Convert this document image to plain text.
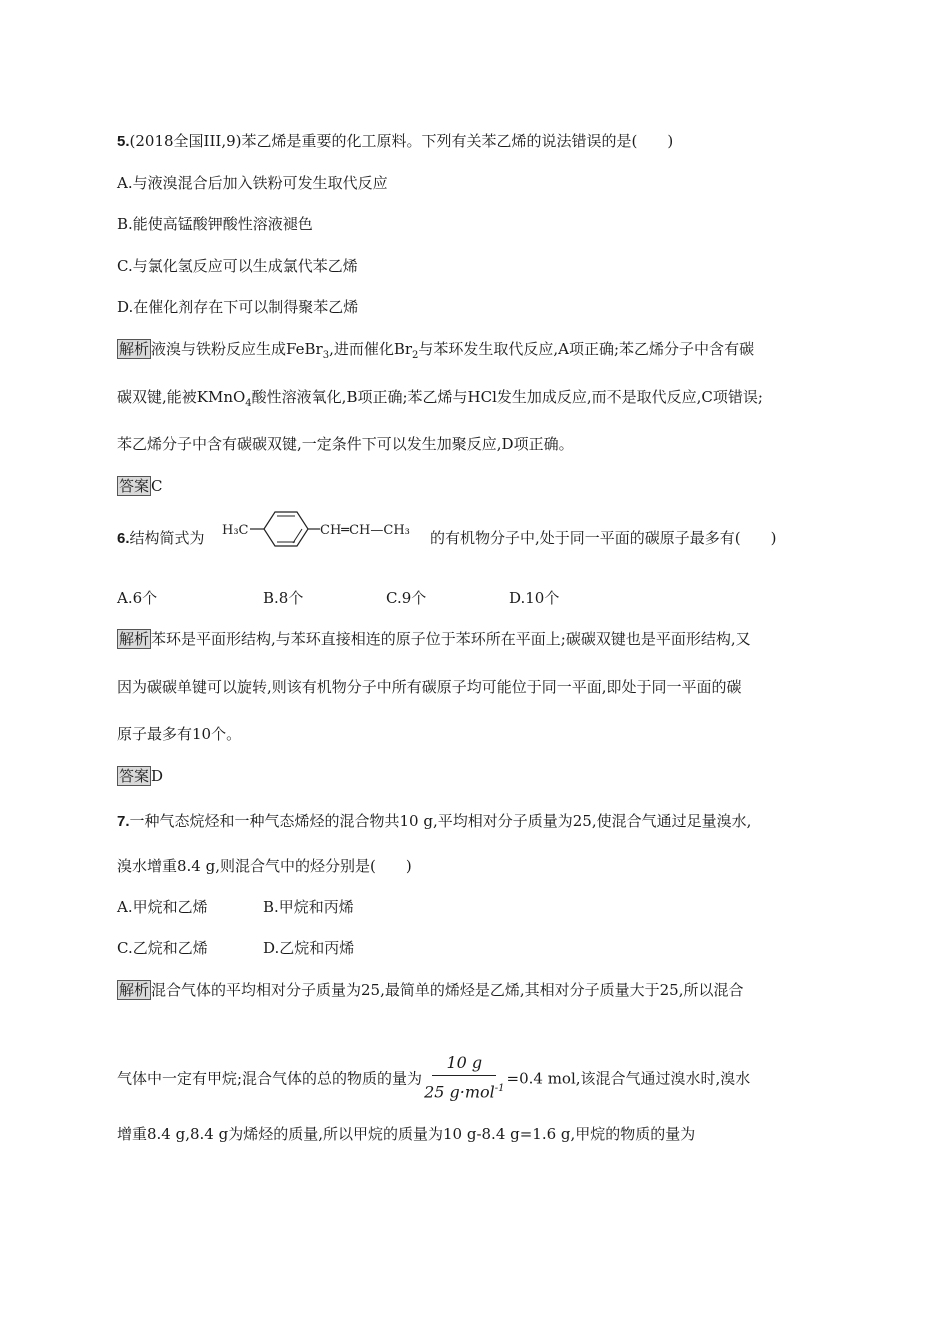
5.(2018全国III,9)苯乙烯是重要的化工原料。下列有关苯乙烯的说法错误的是(　　)
A.与液溴混合后加入铁粉可发生取代反应
B.能使高锰酸钾酸性溶液褪色
C.与氯化氢反应可以生成氯代苯乙烯
D.在催化剂存在下可以制得聚苯乙烯
解析 液溴与铁粉反应生成FeBr$_3$,进而催化$Br_2$与苯环发生取代反应,A项正确;苯乙烯分子中含有碳
碳双键,能被KMnO$_4$酸性溶液氧化,B项正确;苯乙烯与HCl发生加成反应,而不是取代反应,C项错误;
苯乙烯分子中含有碳碳双键,一定条件下可以发生加聚反应,D项正确。
答案 C
6.结构简式为 H₃C	CH═CH—CH₃ 的有机物分子中,处于同一平面的碳原子最多有(　　)
A.6个	B.8个	C.9个	D.10个
解析 苯环是平面形结构,与苯环直接相连的原子位于苯环所在平面上;碳碳双键也是平面形结构,又
因为碳碳单键可以旋转,则该有机物分子中所有碳原子均可能位于同一平面,即处于同一平面的碳
原子最多有10个。
答案 D
7.一种气态烷烃和一种气态烯烃的混合物共10 g,平均相对分子质量为25,使混合气通过足量溴水,
溴水增重8.4 g,则混合气中的烃分别是(　　)
A.甲烷和乙烯	B.甲烷和丙烯
C.乙烷和乙烯	D.乙烷和丙烯
解析 混合气体的平均相对分子质量为25,最简单的烯烃是乙烯,其相对分子质量大于25,所以混合
气体中一定有甲烷;混合气体的总的物质的量为 $\frac{10 g}{25 g\cdot mol^{-1}} =0.4$ mol,该混合气通过溴水时,溴水
增重8.4 g,8.4 g为烯烃的质量,所以甲烷的质量为10 g-8.4 g=1.6 g,甲烷的物质的量为
